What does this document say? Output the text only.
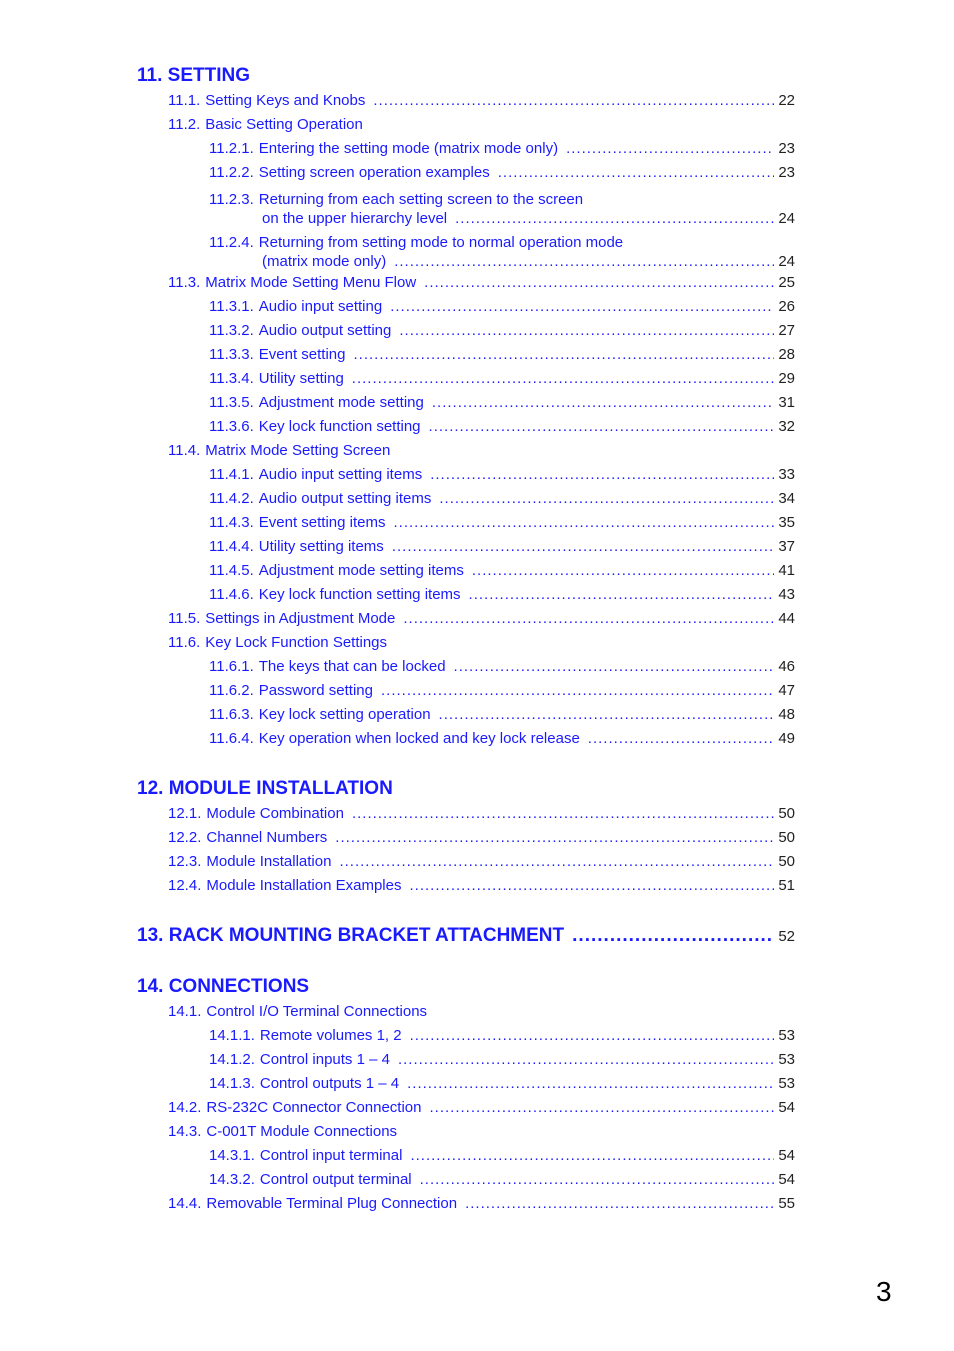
11. SETTING
11.1. Setting Keys and Knobs .....	22
11.2. Basic Setting Operation
11.2.1. Entering the setting mode (matrix mode only) .....	23
11.2.2. Setting screen operation examples .....	23
11.2.3. Returning from each setting screen to the screen
on the upper hierarchy level .....	24
11.2.4. Returning from setting mode to normal operation mode
(matrix mode only) .....	24
11.3. Matrix Mode Setting Menu Flow .....	25
11.3.1. Audio input setting .....	26
11.3.2. Audio output setting .....	27
11.3.3. Event setting .....	28
11.3.4. Utility setting .....	29
11.3.5. Adjustment mode setting .....	31
11.3.6. Key lock function setting .....	32
11.4. Matrix Mode Setting Screen
11.4.1. Audio input setting items .....	33
11.4.2. Audio output setting items .....	34
11.4.3. Event setting items .....	35
11.4.4. Utility setting items .....	37
11.4.5. Adjustment mode setting items .....	41
11.4.6. Key lock function setting items .....	43
11.5. Settings in Adjustment Mode .....	44
11.6. Key Lock Function Settings
11.6.1. The keys that can be locked .....	46
11.6.2. Password setting .....	47
11.6.3. Key lock setting operation .....	48
11.6.4. Key operation when locked and key lock release .....	49
12. MODULE INSTALLATION
12.1. Module Combination .....	50
12.2. Channel Numbers .....	50
12.3. Module Installation .....	50
12.4. Module Installation Examples .....	51
13. RACK MOUNTING BRACKET ATTACHMENT .....	52
14. CONNECTIONS
14.1. Control I/O Terminal Connections
14.1.1. Remote volumes 1, 2 .....	53
14.1.2. Control inputs 1 – 4 .....	53
14.1.3. Control outputs 1 – 4 .....	53
14.2. RS-232C Connector Connection .....	54
14.3. C-001T Module Connections
14.3.1. Control input terminal .....	54
14.3.2. Control output terminal .....	54
14.4. Removable Terminal Plug Connection .....	55
3
